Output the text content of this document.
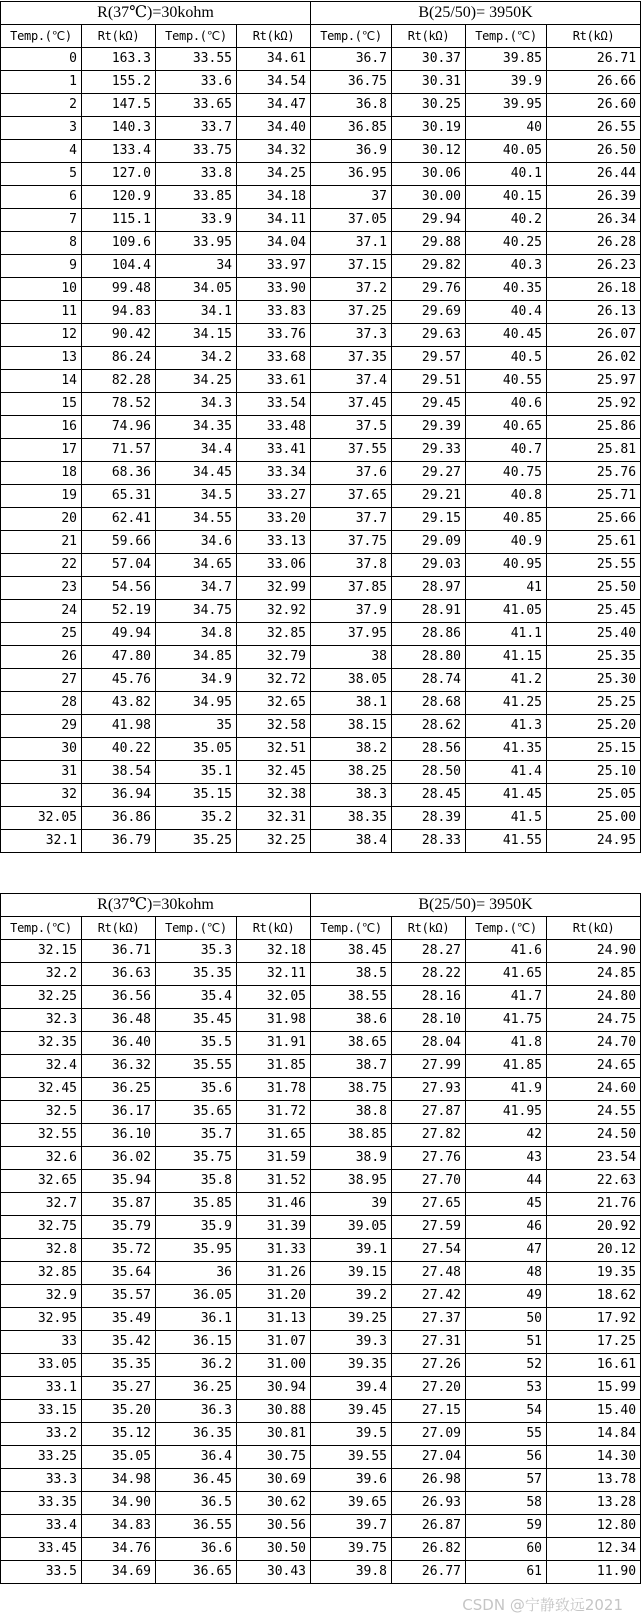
R(37℃)=30kohm				B(25/50)= 3950K			
Temp.(℃)	Rt(kΩ)	Temp.(℃)	Rt(kΩ)	Temp.(℃)	Rt(kΩ)	Temp.(℃)	Rt(kΩ)
0	163.3	33.55	34.61	36.7	30.37	39.85	26.71
1	155.2	33.6	34.54	36.75	30.31	39.9	26.66
2	147.5	33.65	34.47	36.8	30.25	39.95	26.60
3	140.3	33.7	34.40	36.85	30.19	40	26.55
4	133.4	33.75	34.32	36.9	30.12	40.05	26.50
5	127.0	33.8	34.25	36.95	30.06	40.1	26.44
6	120.9	33.85	34.18	37	30.00	40.15	26.39
7	115.1	33.9	34.11	37.05	29.94	40.2	26.34
8	109.6	33.95	34.04	37.1	29.88	40.25	26.28
9	104.4	34	33.97	37.15	29.82	40.3	26.23
10	99.48	34.05	33.90	37.2	29.76	40.35	26.18
11	94.83	34.1	33.83	37.25	29.69	40.4	26.13
12	90.42	34.15	33.76	37.3	29.63	40.45	26.07
13	86.24	34.2	33.68	37.35	29.57	40.5	26.02
14	82.28	34.25	33.61	37.4	29.51	40.55	25.97
15	78.52	34.3	33.54	37.45	29.45	40.6	25.92
16	74.96	34.35	33.48	37.5	29.39	40.65	25.86
17	71.57	34.4	33.41	37.55	29.33	40.7	25.81
18	68.36	34.45	33.34	37.6	29.27	40.75	25.76
19	65.31	34.5	33.27	37.65	29.21	40.8	25.71
20	62.41	34.55	33.20	37.7	29.15	40.85	25.66
21	59.66	34.6	33.13	37.75	29.09	40.9	25.61
22	57.04	34.65	33.06	37.8	29.03	40.95	25.55
23	54.56	34.7	32.99	37.85	28.97	41	25.50
24	52.19	34.75	32.92	37.9	28.91	41.05	25.45
25	49.94	34.8	32.85	37.95	28.86	41.1	25.40
26	47.80	34.85	32.79	38	28.80	41.15	25.35
27	45.76	34.9	32.72	38.05	28.74	41.2	25.30
28	43.82	34.95	32.65	38.1	28.68	41.25	25.25
29	41.98	35	32.58	38.15	28.62	41.3	25.20
30	40.22	35.05	32.51	38.2	28.56	41.35	25.15
31	38.54	35.1	32.45	38.25	28.50	41.4	25.10
32	36.94	35.15	32.38	38.3	28.45	41.45	25.05
32.05	36.86	35.2	32.31	38.35	28.39	41.5	25.00
32.1	36.79	35.25	32.25	38.4	28.33	41.55	24.95
R(37℃)=30kohm				B(25/50)= 3950K			
Temp.(℃)	Rt(kΩ)	Temp.(℃)	Rt(kΩ)	Temp.(℃)	Rt(kΩ)	Temp.(℃)	Rt(kΩ)
32.15	36.71	35.3	32.18	38.45	28.27	41.6	24.90
32.2	36.63	35.35	32.11	38.5	28.22	41.65	24.85
32.25	36.56	35.4	32.05	38.55	28.16	41.7	24.80
32.3	36.48	35.45	31.98	38.6	28.10	41.75	24.75
32.35	36.40	35.5	31.91	38.65	28.04	41.8	24.70
32.4	36.32	35.55	31.85	38.7	27.99	41.85	24.65
32.45	36.25	35.6	31.78	38.75	27.93	41.9	24.60
32.5	36.17	35.65	31.72	38.8	27.87	41.95	24.55
32.55	36.10	35.7	31.65	38.85	27.82	42	24.50
32.6	36.02	35.75	31.59	38.9	27.76	43	23.54
32.65	35.94	35.8	31.52	38.95	27.70	44	22.63
32.7	35.87	35.85	31.46	39	27.65	45	21.76
32.75	35.79	35.9	31.39	39.05	27.59	46	20.92
32.8	35.72	35.95	31.33	39.1	27.54	47	20.12
32.85	35.64	36	31.26	39.15	27.48	48	19.35
32.9	35.57	36.05	31.20	39.2	27.42	49	18.62
32.95	35.49	36.1	31.13	39.25	27.37	50	17.92
33	35.42	36.15	31.07	39.3	27.31	51	17.25
33.05	35.35	36.2	31.00	39.35	27.26	52	16.61
33.1	35.27	36.25	30.94	39.4	27.20	53	15.99
33.15	35.20	36.3	30.88	39.45	27.15	54	15.40
33.2	35.12	36.35	30.81	39.5	27.09	55	14.84
33.25	35.05	36.4	30.75	39.55	27.04	56	14.30
33.3	34.98	36.45	30.69	39.6	26.98	57	13.78
33.35	34.90	36.5	30.62	39.65	26.93	58	13.28
33.4	34.83	36.55	30.56	39.7	26.87	59	12.80
33.45	34.76	36.6	30.50	39.75	26.82	60	12.34
33.5	34.69	36.65	30.43	39.8	26.77	61	11.90
CSDN @宁静致远2021
